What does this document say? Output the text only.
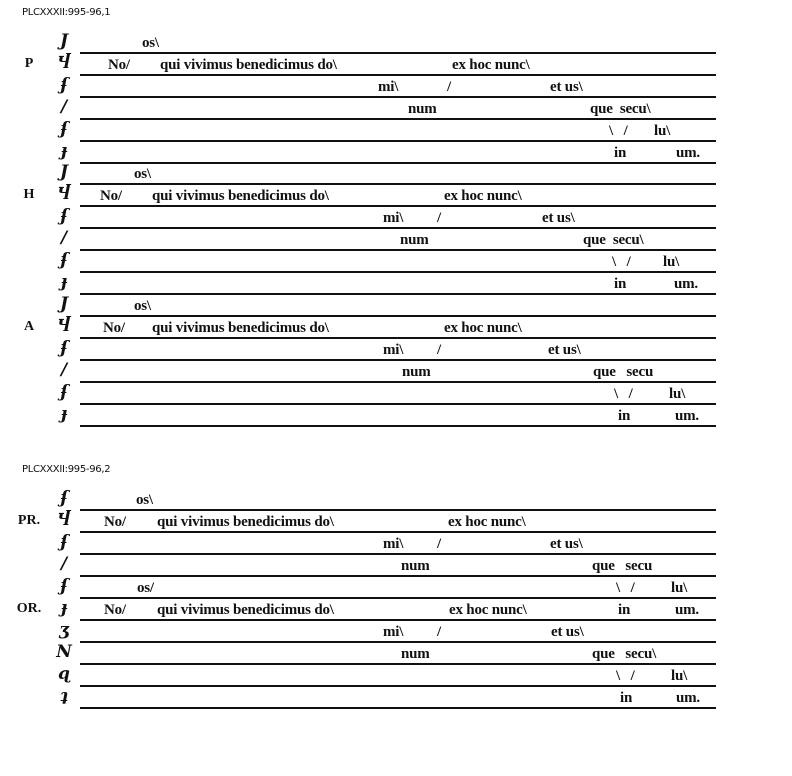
PLCXXXII:995-96,1
PLCXXXII:995-96,2
J	os\
P	Ⴣ No/ qui vivimus benedicimus do\	ex hoc nunc\
ʄ	mi\	/	et us\
/	num	que  secu\
ʄ	\   / lu\
ɟ	in	um.
J	os\
H	Ⴣ No/ qui vivimus benedicimus do\	ex hoc nunc\
ʄ	mi\ /	et us\
/	num	que  secu\
ʄ	\   / lu\
ɟ	in	um.
J	os\
A	Ⴣ No/ qui vivimus benedicimus do\	ex hoc nunc\
ʄ	mi\ /	et us\
/	num	que   secu
ʄ	\   / lu\
ɟ	in	um.
ʄ	os\
PR.	Ⴣ No/ qui vivimus benedicimus do\	ex hoc nunc\
ʄ	mi\ /	et us\
/	num	que   secu
ʄ	os/	\   / lu\
OR.	ɟ	No/ qui vivimus benedicimus do\	ex hoc nunc\	in	um.
ʒ	mi\ /	et us\
N	num	que   secu\
ɋ	\   / lu\
ʇ	in	um.
